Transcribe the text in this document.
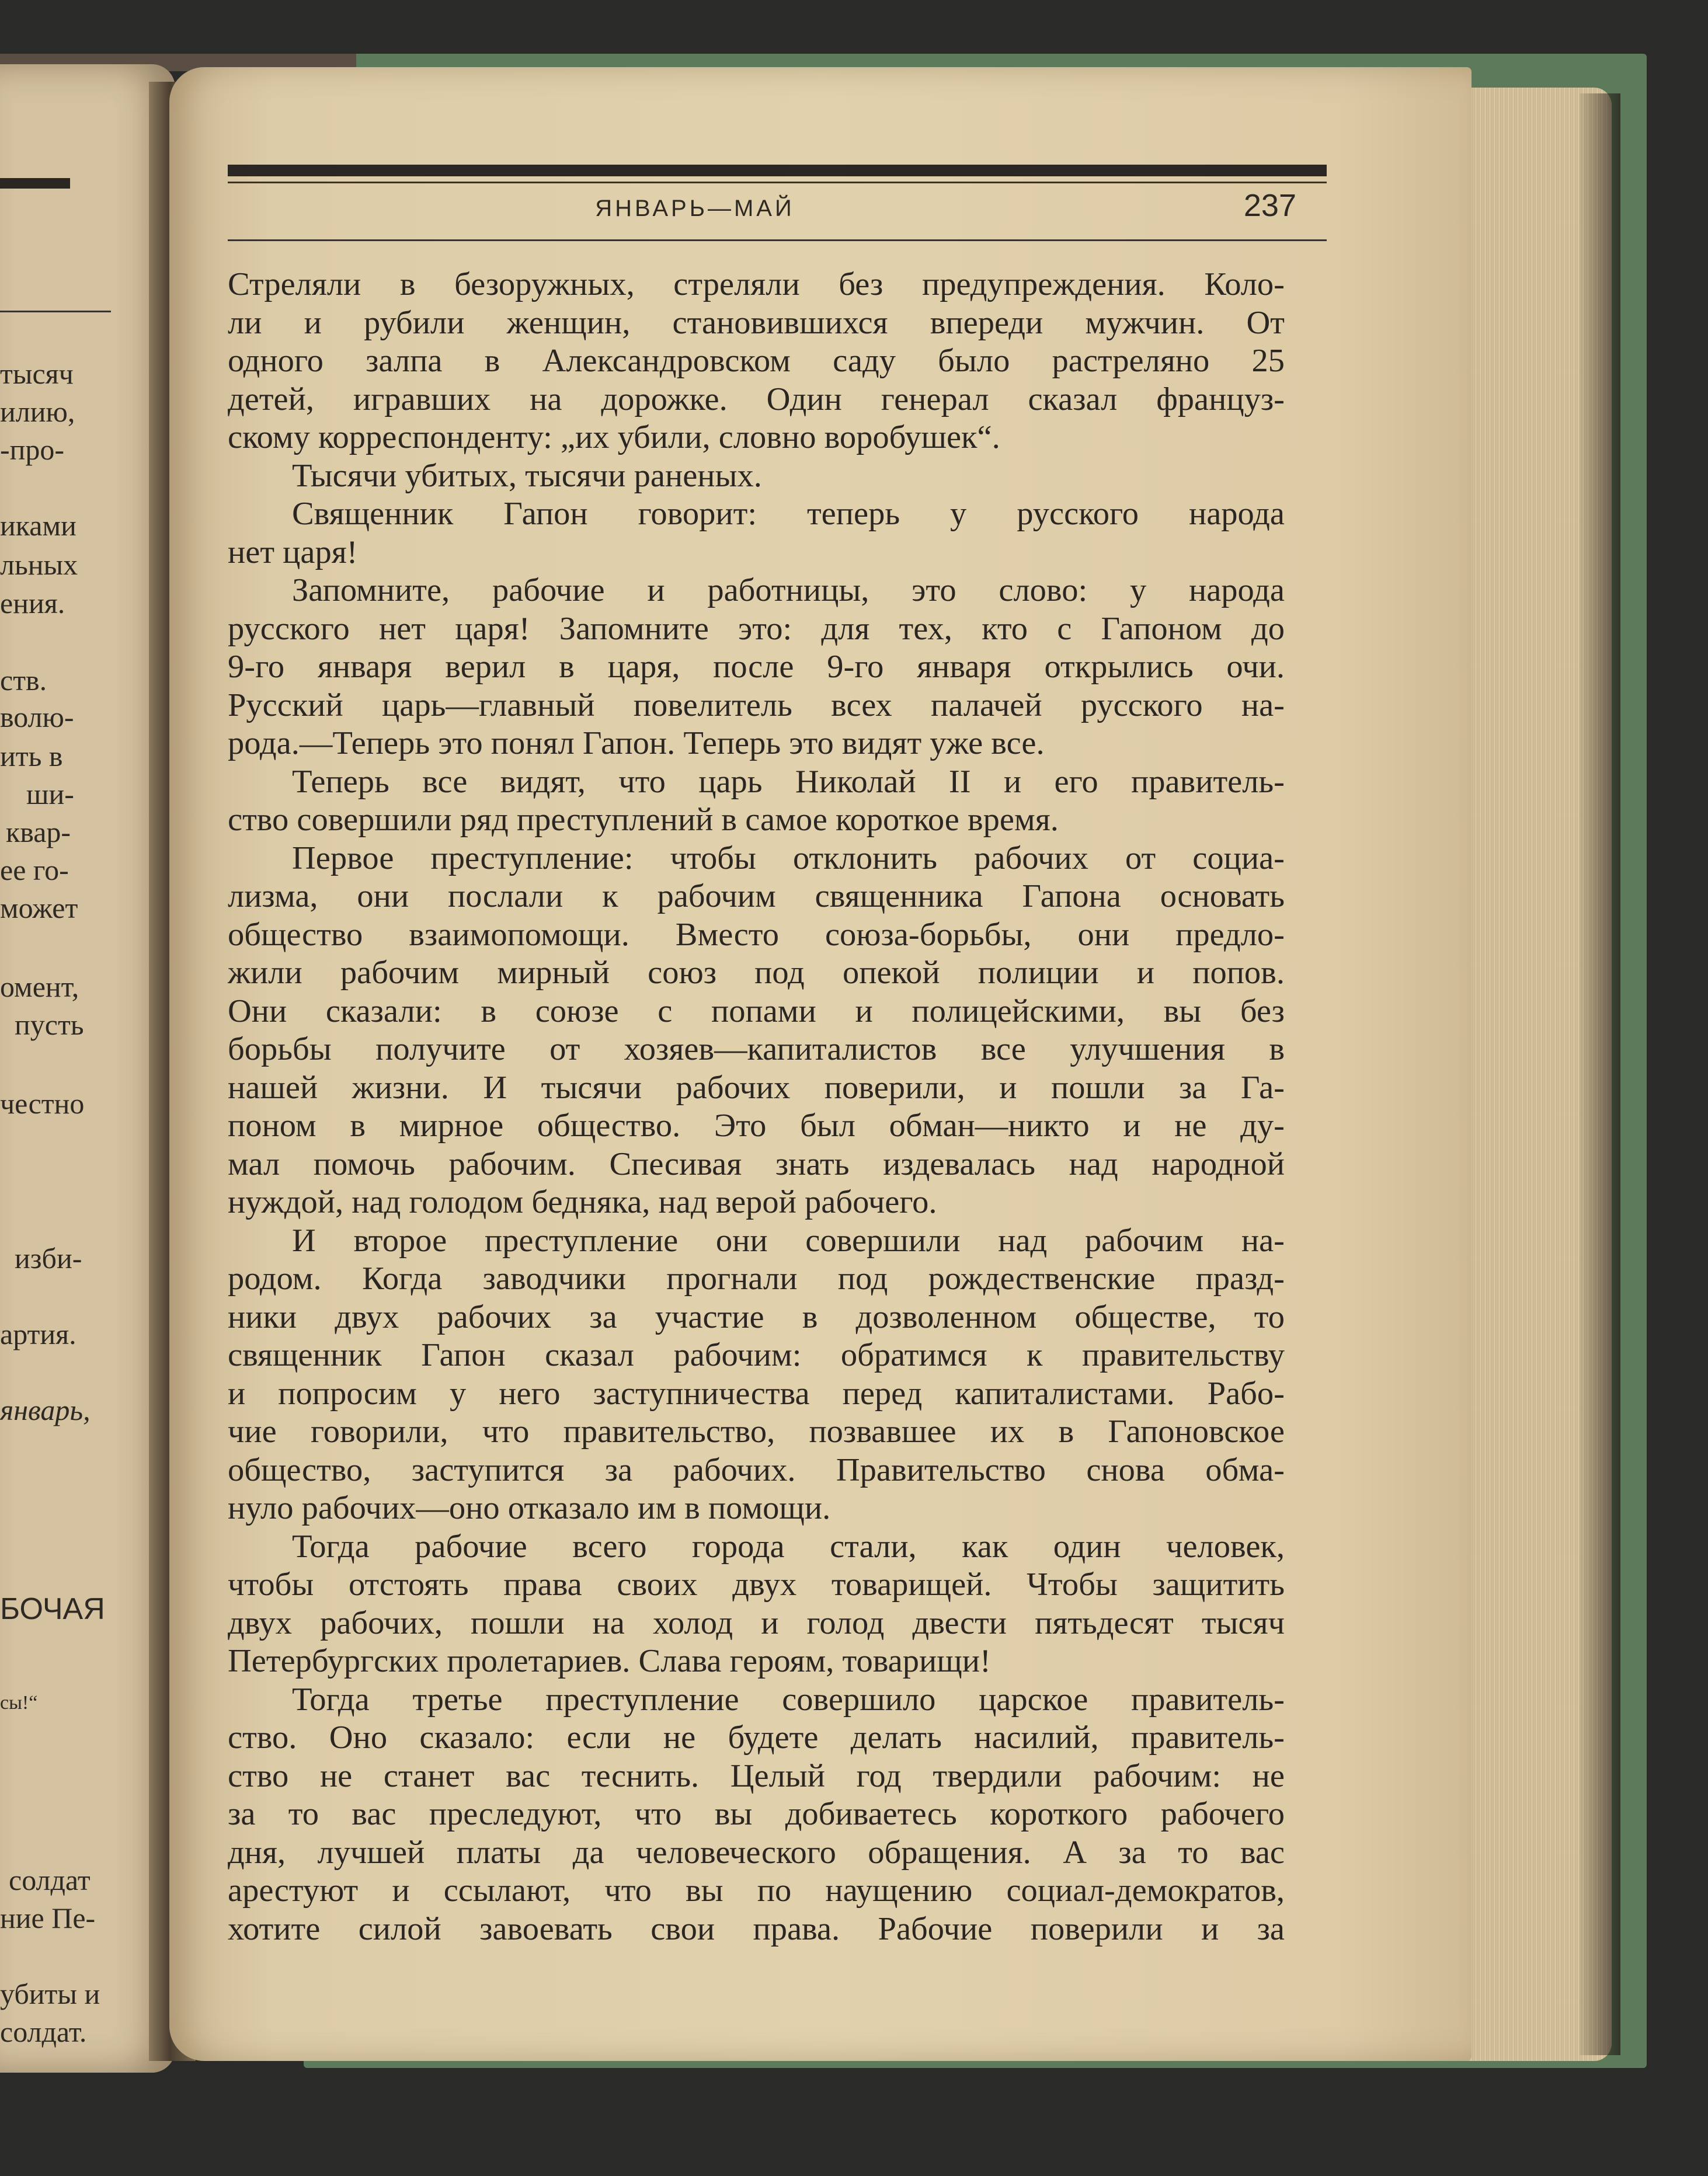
тысяч
илию,
-про-
иками
льных
ения.
ств.
волю-
ить в
ши-
квар-
ее го-
может
омент,
пусть
честно
изби-
артия.
январь,
БОЧАЯ
сы!“
солдат
ние Пе-
убиты и
солдат.
ЯНВАРЬ—МАЙ	237
Стреляли в безоружных, стреляли без предупреждения. Коло-
ли и рубили женщин, становившихся впереди мужчин. От
одного залпа в Александровском саду было растреляно 25
детей, игравших на дорожке. Один генерал сказал француз-
скому корреспонденту: „их убили, словно воробушек“.
Тысячи убитых, тысячи раненых.
Священник Гапон говорит: теперь у русского народа
нет царя!
Запомните, рабочие и работницы, это слово: у народа
русского нет царя! Запомните это: для тех, кто с Гапоном до
9-го января верил в царя, после 9-го января открылись очи.
Русский царь—главный повелитель всех палачей русского на-
рода.—Теперь это понял Гапон. Теперь это видят уже все.
Теперь все видят, что царь Николай II и его правитель-
ство совершили ряд преступлений в самое короткое время.
Первое преступление: чтобы отклонить рабочих от социа-
лизма, они послали к рабочим священника Гапона основать
общество взаимопомощи. Вместо союза-борьбы, они предло-
жили рабочим мирный союз под опекой полиции и попов.
Они сказали: в союзе с попами и полицейскими, вы без
борьбы получите от хозяев—капиталистов все улучшения в
нашей жизни. И тысячи рабочих поверили, и пошли за Га-
поном в мирное общество. Это был обман—никто и не ду-
мал помочь рабочим. Спесивая знать издевалась над народной
нуждой, над голодом бедняка, над верой рабочего.
И второе преступление они совершили над рабочим на-
родом. Когда заводчики прогнали под рождественские празд-
ники двух рабочих за участие в дозволенном обществе, то
священник Гапон сказал рабочим: обратимся к правительству
и попросим у него заступничества перед капиталистами. Рабо-
чие говорили, что правительство, позвавшее их в Гапоновское
общество, заступится за рабочих. Правительство снова обма-
нуло рабочих—оно отказало им в помощи.
Тогда рабочие всего города стали, как один человек,
чтобы отстоять права своих двух товарищей. Чтобы защитить
двух рабочих, пошли на холод и голод двести пятьдесят тысяч
Петербургских пролетариев. Слава героям, товарищи!
Тогда третье преступление совершило царское правитель-
ство. Оно сказало: если не будете делать насилий, правитель-
ство не станет вас теснить. Целый год твердили рабочим: не
за то вас преследуют, что вы добиваетесь короткого рабочего
дня, лучшей платы да человеческого обращения. А за то вас
арестуют и ссылают, что вы по наущению социал-демократов,
хотите силой завоевать свои права. Рабочие поверили и за
